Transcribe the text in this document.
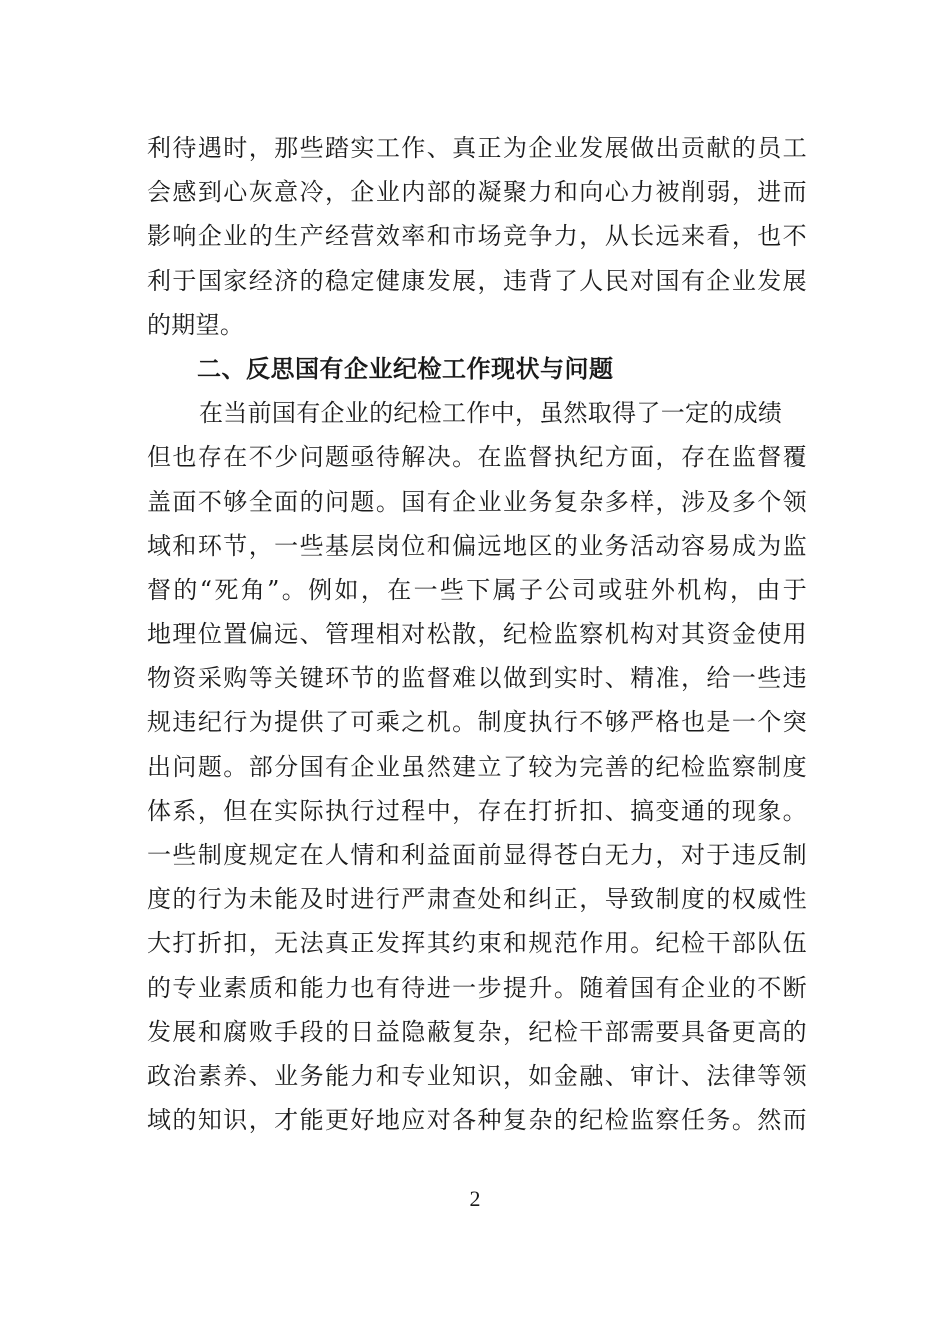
利待遇时，那些踏实工作、真正为企业发展做出贡献的员工
会感到心灰意冷，企业内部的凝聚力和向心力被削弱，进而
影响企业的生产经营效率和市场竞争力，从长远来看，也不
利于国家经济的稳定健康发展，违背了人民对国有企业发展
的期望。
二、反思国有企业纪检工作现状与问题
在当前国有企业的纪检工作中，虽然取得了一定的成绩
但也存在不少问题亟待解决。在监督执纪方面，存在监督覆
盖面不够全面的问题。国有企业业务复杂多样，涉及多个领
域和环节，一些基层岗位和偏远地区的业务活动容易成为监
督的“死角”。例如，在一些下属子公司或驻外机构，由于
地理位置偏远、管理相对松散，纪检监察机构对其资金使用
物资采购等关键环节的监督难以做到实时、精准，给一些违
规违纪行为提供了可乘之机。制度执行不够严格也是一个突
出问题。部分国有企业虽然建立了较为完善的纪检监察制度
体系，但在实际执行过程中，存在打折扣、搞变通的现象。
一些制度规定在人情和利益面前显得苍白无力，对于违反制
度的行为未能及时进行严肃查处和纠正，导致制度的权威性
大打折扣，无法真正发挥其约束和规范作用。纪检干部队伍
的专业素质和能力也有待进一步提升。随着国有企业的不断
发展和腐败手段的日益隐蔽复杂，纪检干部需要具备更高的
政治素养、业务能力和专业知识，如金融、审计、法律等领
域的知识，才能更好地应对各种复杂的纪检监察任务。然而
2
